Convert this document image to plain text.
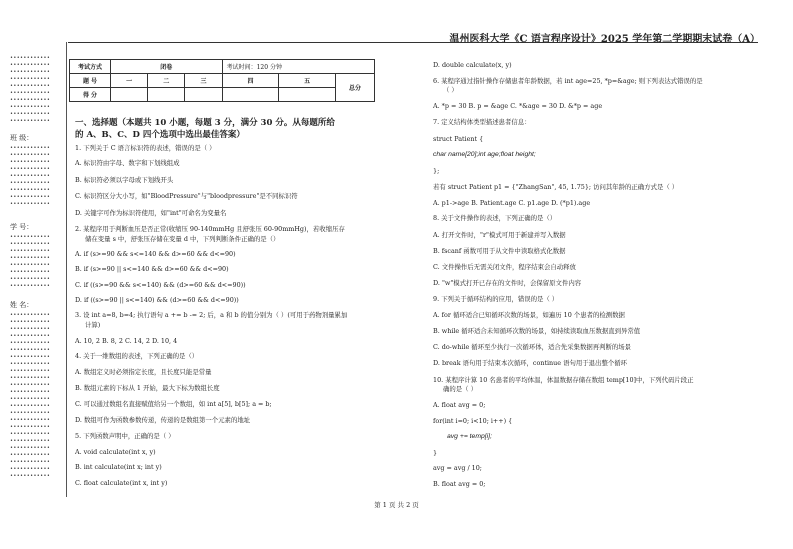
温州医科大学《C 语言程序设计》2025 学年第二学期期末试卷（A）
••••••••••••
••••••••••••
••••••••••••
••••••••••••
••••••••••••
••••••••••••
••••••••••••
••••••••••••
••••••••••••
••••••••••••
班 级：
••••••••••••
••••••••••••
••••••••••••
••••••••••••
••••••••••••
••••••••••••
••••••••••••
••••••••••••
••••••••••••
学 号：
••••••••••••
••••••••••••
••••••••••••
••••••••••••
••••••••••••
••••••••••••
••••••••••••
••••••••••••
姓 名：
••••••••••••
••••••••••••
••••••••••••
••••••••••••
••••••••••••
••••••••••••
••••••••••••
••••••••••••
••••••••••••
••••••••••••
••••••••••••
••••••••••••
••••••••••••
••••••••••••
••••••••••••
••••••••••••
••••••••••••
••••••••••••
••••••••••••
••••••••••••
••••••••••••
••••••••••••
••••••••••••
••••••••••••
考试方式	闭卷			考试时间：120 分钟		
题 号	一	二	三	四	五	总分
得 分						
一、选择题（本题共 10 小题，每题 3 分，满分 30 分。从每题所给
的 A、B、C、D 四个选项中选出最佳答案）
1. 下列关于 C 语言标识符的表述，错误的是（ ）
A. 标识符由字母、数字和下划线组成
B. 标识符必须以字母或下划线开头
C. 标识符区分大小写，如"BloodPressure"与"bloodpressure"是不同标识符
D. 关键字可作为标识符使用，如"int"可命名为变量名
2. 某程序用于判断血压是否正常(收缩压 90-140mmHg 且舒张压 60-90mmHg)，若收缩压存
储在变量 s 中，舒张压存储在变量 d 中，下列判断条件正确的是（）
A. if (s>=90 && s<=140 && d>=60 && d<=90)
B. if (s>=90 || s<=140 && d>=60 && d<=90)
C. if ((s>=90 && s<=140) && (d>=60 && d<=90))
D. if ((s>=90 || s<=140) && (d>=60 && d<=90))
3. 设 int a=8, b=4; 执行语句 a += b -= 2; 后，a 和 b 的值分别为（ ）(可用于药物剂量累加
计算)
A. 10, 2 B. 8, 2 C. 14, 2 D. 10, 4
4. 关于一维数组的表述，下列正确的是（）
A. 数组定义时必须指定长度，且长度只能是常量
B. 数组元素的下标从 1 开始，最大下标为数组长度
C. 可以通过数组名直接赋值给另一个数组，如 int a[5], b[5]; a = b;
D. 数组可作为函数参数传递，传递的是数组第一个元素的地址
5. 下列函数声明中，正确的是（ ）
A. void calculate(int x, y)
B. int calculate(int x; int y)
C. float calculate(int x, int y)
D. double calculate(x, y)
6. 某程序通过指针操作存储患者年龄数据，若 int age=25, *p=&age; 则下列表达式错误的是
（ ）
A. *p = 30 B. p = &age C. *&age = 30 D. &*p = age
7. 定义结构体类型描述患者信息：
struct Patient {
char name[20];int age;float height;
};
若有 struct Patient p1 = {"ZhangSan", 45, 1.75}; 访问其年龄的正确方式是（ ）
A. p1->age B. Patient.age C. p1.age D. (*p1).age
8. 关于文件操作的表述，下列正确的是（）
A. 打开文件时，"r"模式可用于新建并写入数据
B. fscanf 函数可用于从文件中读取格式化数据
C. 文件操作后无需关闭文件，程序结束会自动释放
D. "w"模式打开已存在的文件时，会保留原文件内容
9. 下列关于循环结构的应用，错误的是（ ）
A. for 循环适合已知循环次数的场景，如遍历 10 个患者的检测数据
B. while 循环适合未知循环次数的场景，如持续读取血压数据直到异常值
C. do-while 循环至少执行一次循环体，适合先采集数据再判断的场景
D. break 语句用于结束本次循环，continue 语句用于退出整个循环
10. 某程序计算 10 名患者的平均体温，体温数据存储在数组 temp[10]中，下列代码片段正
确的是（ ）
A. float avg = 0;
for(int i=0; i<10; i++) {
avg += temp[i];
}
avg = avg / 10;
B. float avg = 0;
第 1 页 共 2 页
